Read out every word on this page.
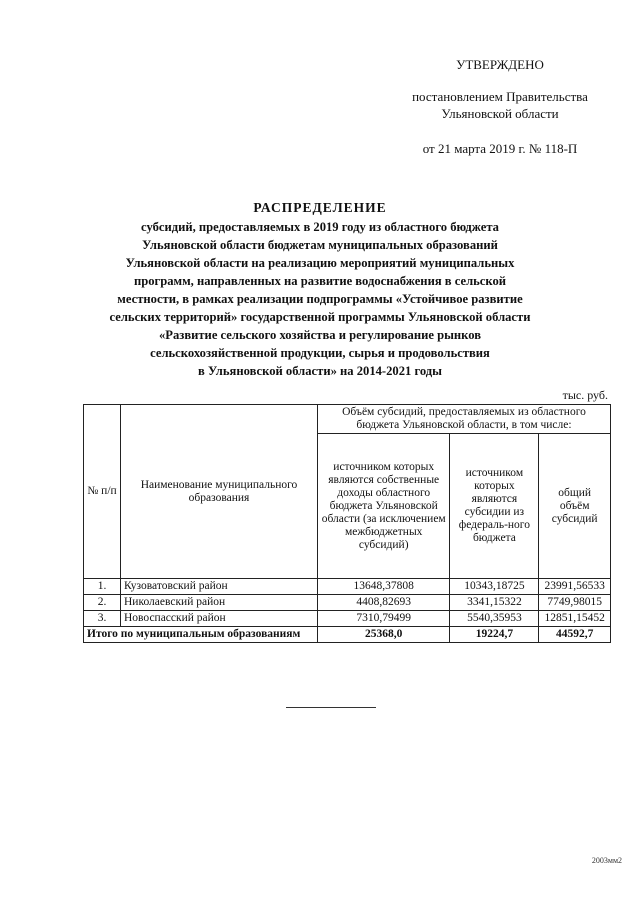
УТВЕРЖДЕНО
постановлением Правительства
Ульяновской области
от 21 марта 2019 г. № 118-П
РАСПРЕДЕЛЕНИЕ
субсидий, предоставляемых в 2019 году из областного бюджета
Ульяновской области бюджетам муниципальных образований
Ульяновской области на реализацию мероприятий муниципальных
программ, направленных на развитие водоснабжения в сельской
местности, в рамках реализации подпрограммы «Устойчивое развитие
сельских территорий» государственной программы Ульяновской области
«Развитие сельского хозяйства и регулирование рынков
сельскохозяйственной продукции, сырья и продовольствия
в Ульяновской области» на 2014-2021 годы
тыс. руб.
№ п/п	Наименование муниципального образования	Объём субсидий, предоставляемых из областного бюджета Ульяновской области, в том числе:		
		источником которых являются собственные доходы областного бюджета Ульяновской области (за исключением межбюджетных субсидий)	источником которых являются субсидии из федераль-ного бюджета	общий объём субсидий
1.	Кузоватовский район	13648,37808	10343,18725	23991,56533
2.	Николаевский район	4408,82693	3341,15322	7749,98015
3.	Новоспасский район	7310,79499	5540,35953	12851,15452
Итого по муниципальным образованиям		25368,0	19224,7	44592,7
2003мм2
